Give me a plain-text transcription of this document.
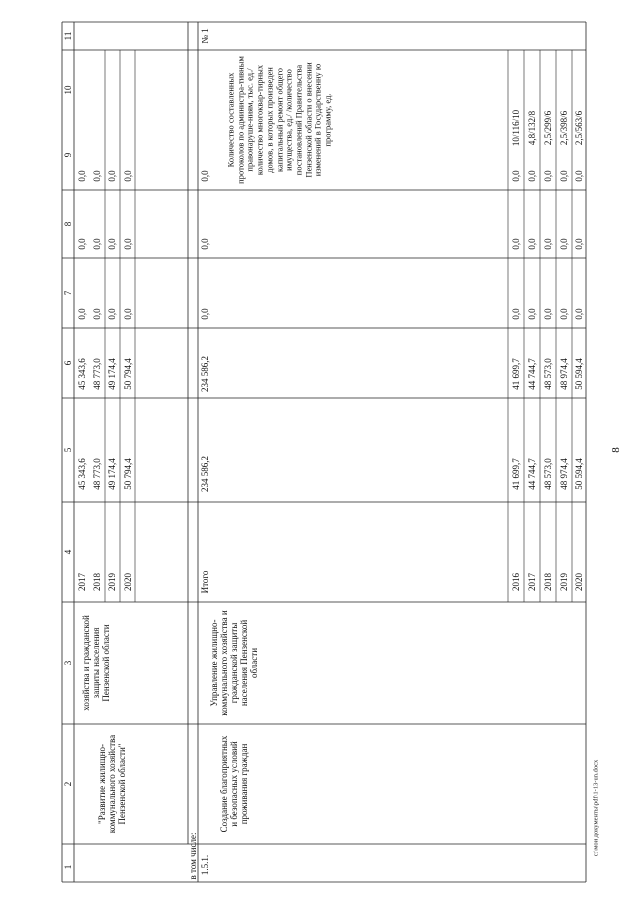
8
1
2
3
4
5
6
7
8
9
10
11
"Развитие жилищно-коммунального хозяйства Пензенской области"
хозяйства и гражданской защиты населения Пензенской области
2017 2018 2019 2020
45 343,6 48 773,0 49 174,4 50 794,4
45 343,6 48 773,0 49 174,4 50 794,4
0,0 0,0 0,0 0,0
0,0 0,0 0,0 0,0
0,0 0,0 0,0 0,0
в том числе: 1.5.1.
Создание благоприятных и безопасных условий проживания граждан
Управление жилищно-коммунального хозяйства и гражданской защиты населения Пензенской области
Итого
234 586,2
234 586,2
0,0
0,0
0,0
Количество составленных протоколов по администра-тивным правонаруше-ниям, тыс. ед./ количество многоквар-тирных домов, в которых произведен капитальный ремонт общего имущества, ед./ /количество постановлений Правительства Пензенской области о внесении изменений в Государственну ю программу, ед.
№ 1
2016 2017 2018 2019 2020
41 699,7 44 744,7 48 573,0 48 974,4 50 594,4
41 699,7 44 744,7 48 573,0 48 974,4 50 594,4
0,0 0,0 0,0 0,0 0,0
0,0 0,0 0,0 0,0 0,0
0,0 0,0 0,0 0,0 0,0
10/116/10 4,8/132/8 2,5/299/6 2,5/398/6 2,5/563/6
c:\мои документы\pdf\1-13-un.docx
